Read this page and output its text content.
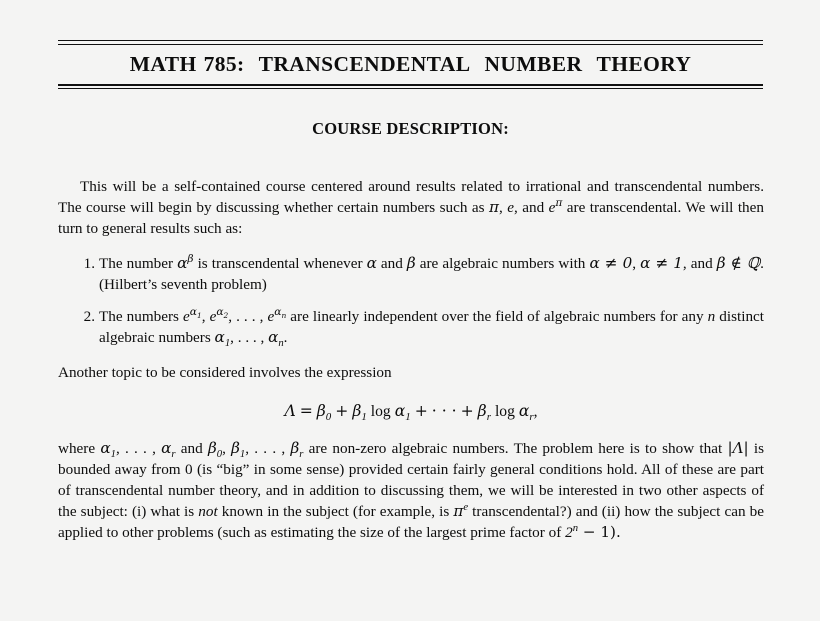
MATH 785: TRANSCENDENTAL NUMBER THEORY
COURSE DESCRIPTION:

This will be a self-contained course centered around results related to irrational and transcendental numbers. The course will begin by discussing whether certain numbers such as π, e, and $e^\pi$ are transcendental. We will then turn to general results such as:

1. The number $\alpha^\beta$ is transcendental whenever α and β are algebraic numbers with α ≠ 0, α ≠ 1, and β ∉ ℚ. (Hilbert’s seventh problem)
2. The numbers $e^{\alpha_1}$, $e^{\alpha_2}$, . . . , $e^{\alpha_n}$ are linearly independent over the field of algebraic numbers for any n distinct algebraic numbers $\alpha_1$, . . . , $\alpha_n$.

Another topic to be considered involves the expression

$\Lambda = \beta_0 + \beta_1$ $\log \alpha_1$ + · · · + $\beta_r$ $\log \alpha_r$,

where $\alpha_1$, . . . , $\alpha_r$ and $\beta_0$, $\beta_1$, . . . , $\beta_r$ are non-zero algebraic numbers. The problem here is to show that |Λ| is bounded away from 0 (is “big” in some sense) provided certain fairly general conditions hold. All of these are part of transcendental number theory, and in addition to discussing them, we will be interested in two other aspects of the subject: (i) what is not known in the subject (for example, is $\pi^e$ transcendental?) and (ii) how the subject can be applied to other problems (such as estimating the size of the largest prime factor of $2^n - 1$).
